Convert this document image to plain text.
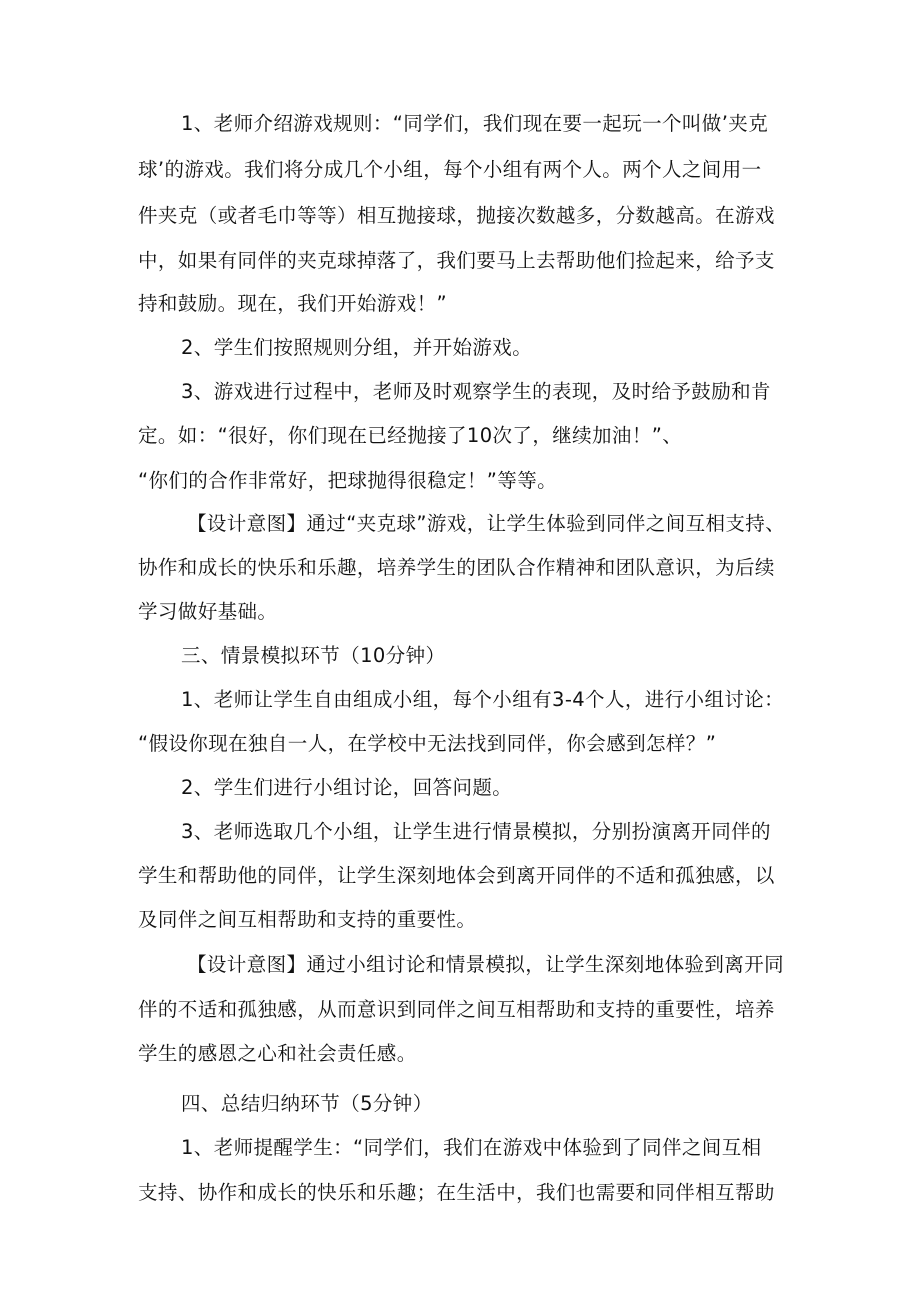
1、老师介绍游戏规则：“同学们，我们现在要一起玩一个叫做’夹克
球’的游戏。我们将分成几个小组，每个小组有两个人。两个人之间用一
件夹克（或者毛巾等等）相互抛接球，抛接次数越多，分数越高。在游戏
中，如果有同伴的夹克球掉落了，我们要马上去帮助他们捡起来，给予支
持和鼓励。现在，我们开始游戏！”
2、学生们按照规则分组，并开始游戏。
3、游戏进行过程中，老师及时观察学生的表现，及时给予鼓励和肯
定。如：“很好，你们现在已经抛接了10次了，继续加油！”、
“你们的合作非常好，把球抛得很稳定！”等等。
【设计意图】通过“夹克球”游戏，让学生体验到同伴之间互相支持、
协作和成长的快乐和乐趣，培养学生的团队合作精神和团队意识，为后续
学习做好基础。
三、情景模拟环节（10分钟）
1、老师让学生自由组成小组，每个小组有3-4个人，进行小组讨论：
“假设你现在独自一人，在学校中无法找到同伴，你会感到怎样？”
2、学生们进行小组讨论，回答问题。
3、老师选取几个小组，让学生进行情景模拟，分别扮演离开同伴的
学生和帮助他的同伴，让学生深刻地体会到离开同伴的不适和孤独感，以
及同伴之间互相帮助和支持的重要性。
【设计意图】通过小组讨论和情景模拟，让学生深刻地体验到离开同
伴的不适和孤独感，从而意识到同伴之间互相帮助和支持的重要性，培养
学生的感恩之心和社会责任感。
四、总结归纳环节（5分钟）
1、老师提醒学生：“同学们，我们在游戏中体验到了同伴之间互相
支持、协作和成长的快乐和乐趣；在生活中，我们也需要和同伴相互帮助
